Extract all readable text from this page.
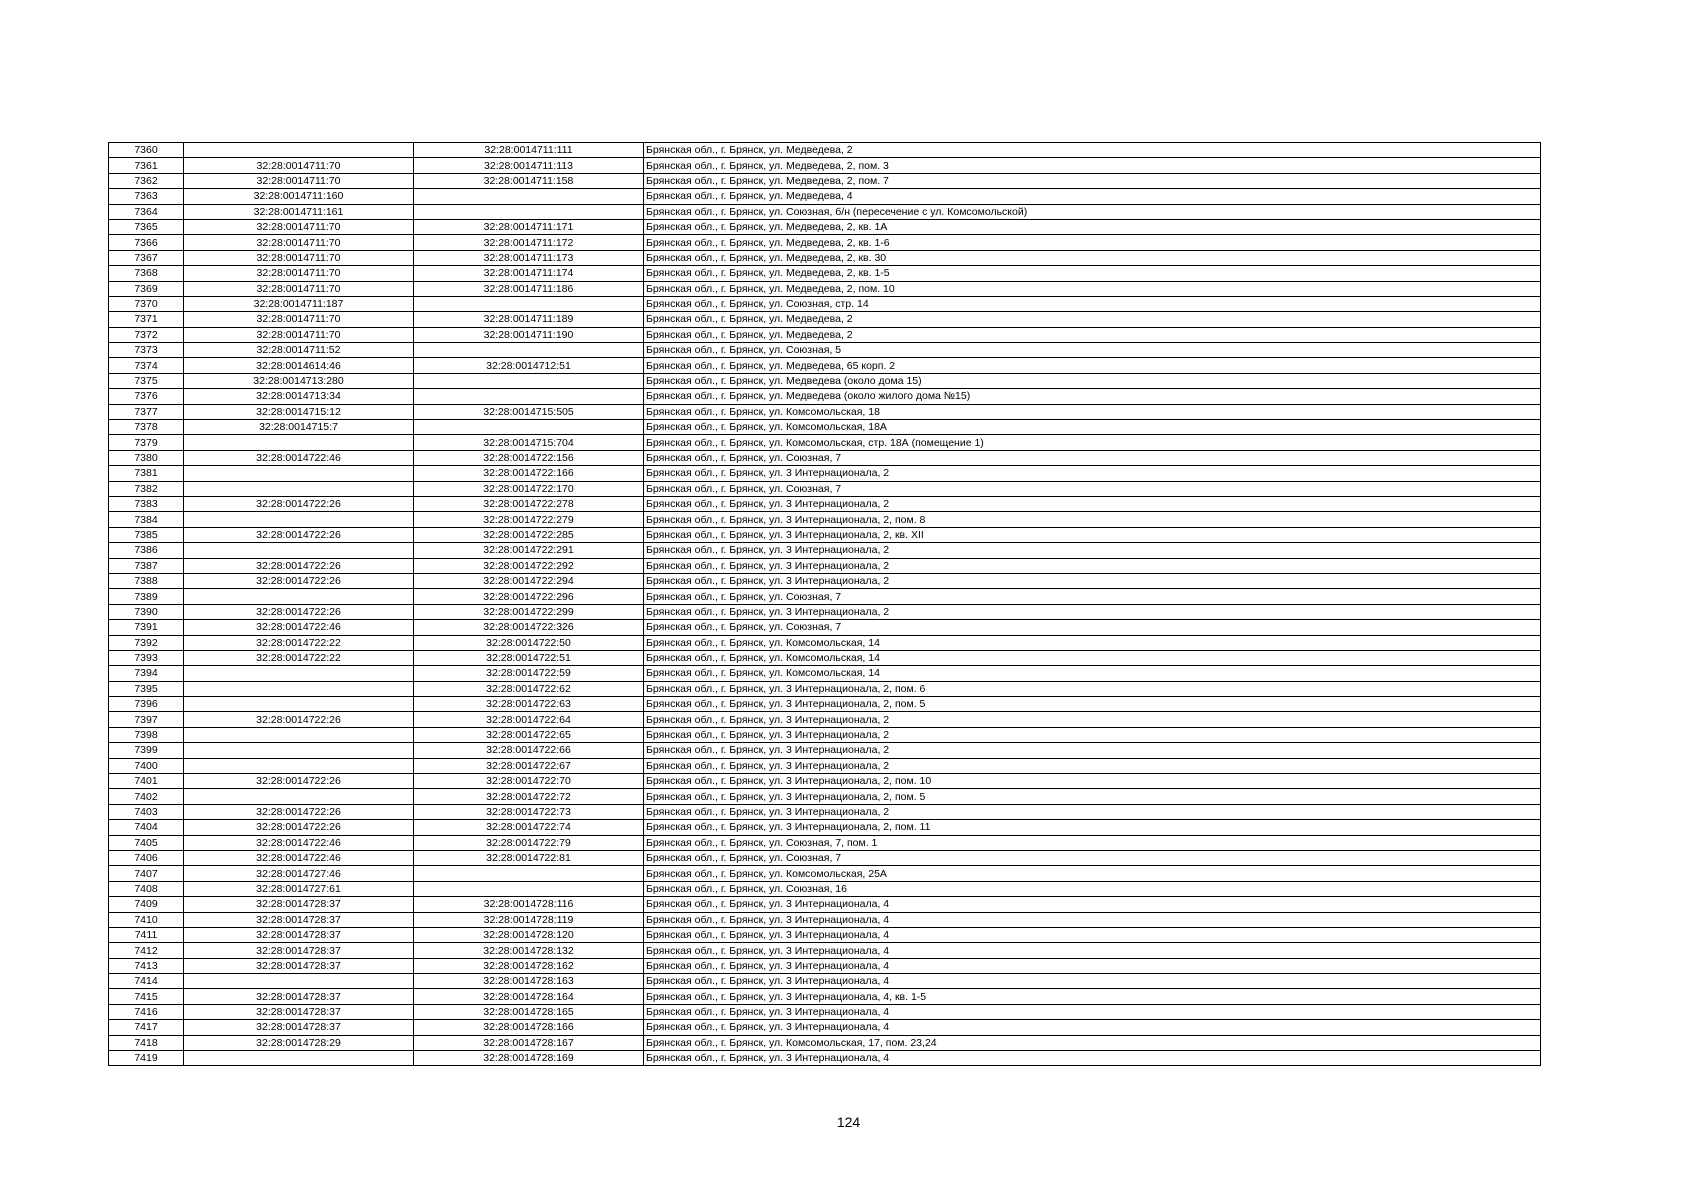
7360		32:28:0014711:111	Брянская обл., г. Брянск, ул. Медведева, 2
7361	32:28:0014711:70	32:28:0014711:113	Брянская обл., г. Брянск, ул. Медведева, 2, пом. 3
7362	32:28:0014711:70	32:28:0014711:158	Брянская обл., г. Брянск, ул. Медведева, 2, пом. 7
7363	32:28:0014711:160		Брянская обл., г. Брянск, ул. Медведева, 4
7364	32:28:0014711:161		Брянская обл., г. Брянск, ул. Союзная, б/н (пересечение с ул. Комсомольской)
7365	32:28:0014711:70	32:28:0014711:171	Брянская обл., г. Брянск, ул. Медведева, 2, кв. 1А
7366	32:28:0014711:70	32:28:0014711:172	Брянская обл., г. Брянск, ул. Медведева, 2, кв. 1-6
7367	32:28:0014711:70	32:28:0014711:173	Брянская обл., г. Брянск, ул. Медведева, 2, кв. 30
7368	32:28:0014711:70	32:28:0014711:174	Брянская обл., г. Брянск, ул. Медведева, 2, кв. 1-5
7369	32:28:0014711:70	32:28:0014711:186	Брянская обл., г. Брянск, ул. Медведева, 2, пом. 10
7370	32:28:0014711:187		Брянская обл., г. Брянск, ул. Союзная, стр. 14
7371	32:28:0014711:70	32:28:0014711:189	Брянская обл., г. Брянск, ул. Медведева, 2
7372	32:28:0014711:70	32:28:0014711:190	Брянская обл., г. Брянск, ул. Медведева, 2
7373	32:28:0014711:52		Брянская обл., г. Брянск, ул. Союзная, 5
7374	32:28:0014614:46	32:28:0014712:51	Брянская обл., г. Брянск, ул. Медведева, 65 корп. 2
7375	32:28:0014713:280		Брянская обл., г. Брянск, ул. Медведева (около дома 15)
7376	32:28:0014713:34		Брянская обл., г. Брянск, ул. Медведева (около жилого дома №15)
7377	32:28:0014715:12	32:28:0014715:505	Брянская обл., г. Брянск, ул. Комсомольская, 18
7378	32:28:0014715:7		Брянская обл., г. Брянск, ул. Комсомольская, 18А
7379		32:28:0014715:704	Брянская обл., г. Брянск, ул. Комсомольская, стр. 18А (помещение 1)
7380	32:28:0014722:46	32:28:0014722:156	Брянская обл., г. Брянск, ул. Союзная, 7
7381		32:28:0014722:166	Брянская обл., г. Брянск, ул. 3 Интернационала, 2
7382		32:28:0014722:170	Брянская обл., г. Брянск, ул. Союзная, 7
7383	32:28:0014722:26	32:28:0014722:278	Брянская обл., г. Брянск, ул. 3 Интернационала, 2
7384		32:28:0014722:279	Брянская обл., г. Брянск, ул. 3 Интернационала, 2, пом. 8
7385	32:28:0014722:26	32:28:0014722:285	Брянская обл., г. Брянск, ул. 3 Интернационала, 2, кв. XII
7386		32:28:0014722:291	Брянская обл., г. Брянск, ул. 3 Интернационала, 2
7387	32:28:0014722:26	32:28:0014722:292	Брянская обл., г. Брянск, ул. 3 Интернационала, 2
7388	32:28:0014722:26	32:28:0014722:294	Брянская обл., г. Брянск, ул. 3 Интернационала, 2
7389		32:28:0014722:296	Брянская обл., г. Брянск, ул. Союзная, 7
7390	32:28:0014722:26	32:28:0014722:299	Брянская обл., г. Брянск, ул. 3 Интернационала, 2
7391	32:28:0014722:46	32:28:0014722:326	Брянская обл., г. Брянск, ул. Союзная, 7
7392	32:28:0014722:22	32:28:0014722:50	Брянская обл., г. Брянск, ул. Комсомольская, 14
7393	32:28:0014722:22	32:28:0014722:51	Брянская обл., г. Брянск, ул. Комсомольская, 14
7394		32:28:0014722:59	Брянская обл., г. Брянск, ул. Комсомольская, 14
7395		32:28:0014722:62	Брянская обл., г. Брянск, ул. 3 Интернационала, 2, пом. 6
7396		32:28:0014722:63	Брянская обл., г. Брянск, ул. 3 Интернационала, 2, пом. 5
7397	32:28:0014722:26	32:28:0014722:64	Брянская обл., г. Брянск, ул. 3 Интернационала, 2
7398		32:28:0014722:65	Брянская обл., г. Брянск, ул. 3 Интернационала, 2
7399		32:28:0014722:66	Брянская обл., г. Брянск, ул. 3 Интернационала, 2
7400		32:28:0014722:67	Брянская обл., г. Брянск, ул. 3 Интернационала, 2
7401	32:28:0014722:26	32:28:0014722:70	Брянская обл., г. Брянск, ул. 3 Интернационала, 2, пом. 10
7402		32:28:0014722:72	Брянская обл., г. Брянск, ул. 3 Интернационала, 2, пом. 5
7403	32:28:0014722:26	32:28:0014722:73	Брянская обл., г. Брянск, ул. 3 Интернационала, 2
7404	32:28:0014722:26	32:28:0014722:74	Брянская обл., г. Брянск, ул. 3 Интернационала, 2, пом. 11
7405	32:28:0014722:46	32:28:0014722:79	Брянская обл., г. Брянск, ул. Союзная, 7, пом. 1
7406	32:28:0014722:46	32:28:0014722:81	Брянская обл., г. Брянск, ул. Союзная, 7
7407	32:28:0014727:46		Брянская обл., г. Брянск, ул. Комсомольская, 25А
7408	32:28:0014727:61		Брянская обл., г. Брянск, ул. Союзная, 16
7409	32:28:0014728:37	32:28:0014728:116	Брянская обл., г. Брянск, ул. 3 Интернационала, 4
7410	32:28:0014728:37	32:28:0014728:119	Брянская обл., г. Брянск, ул. 3 Интернационала, 4
7411	32:28:0014728:37	32:28:0014728:120	Брянская обл., г. Брянск, ул. 3 Интернационала, 4
7412	32:28:0014728:37	32:28:0014728:132	Брянская обл., г. Брянск, ул. 3 Интернационала, 4
7413	32:28:0014728:37	32:28:0014728:162	Брянская обл., г. Брянск, ул. 3 Интернационала, 4
7414		32:28:0014728:163	Брянская обл., г. Брянск, ул. 3 Интернационала, 4
7415	32:28:0014728:37	32:28:0014728:164	Брянская обл., г. Брянск, ул. 3 Интернационала, 4, кв. 1-5
7416	32:28:0014728:37	32:28:0014728:165	Брянская обл., г. Брянск, ул. 3 Интернационала, 4
7417	32:28:0014728:37	32:28:0014728:166	Брянская обл., г. Брянск, ул. 3 Интернационала, 4
7418	32:28:0014728:29	32:28:0014728:167	Брянская обл., г. Брянск, ул. Комсомольская, 17, пом. 23,24
7419		32:28:0014728:169	Брянская обл., г. Брянск, ул. 3 Интернационала, 4
124
